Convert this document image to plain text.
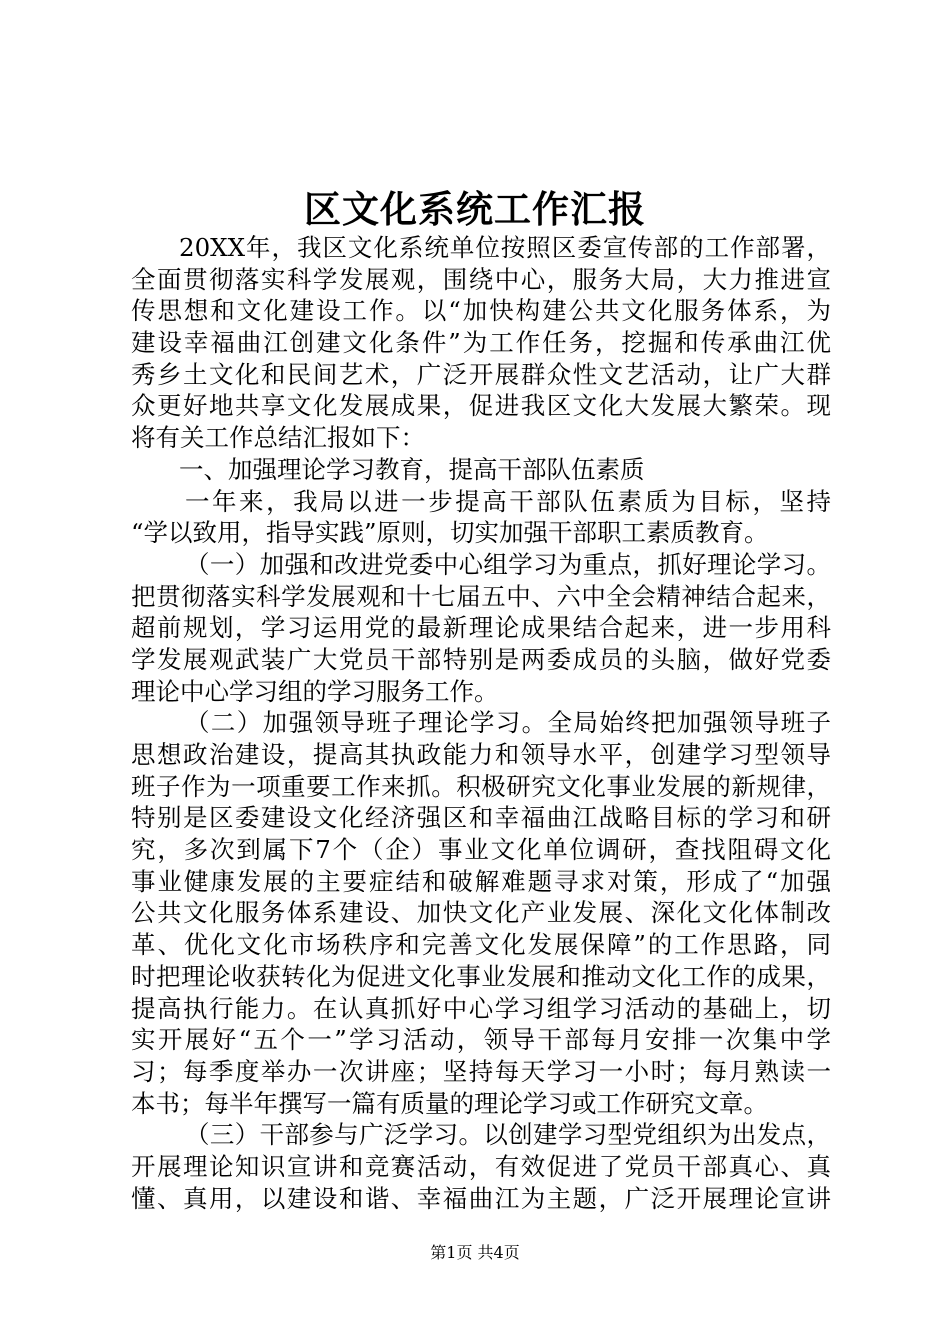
区文化系统工作汇报
20XX年，我区文化系统单位按照区委宣传部的工作部署，
全面贯彻落实科学发展观，围绕中心，服务大局，大力推进宣
传思想和文化建设工作。以“加快构建公共文化服务体系，为
建设幸福曲江创建文化条件”为工作任务，挖掘和传承曲江优
秀乡土文化和民间艺术，广泛开展群众性文艺活动，让广大群
众更好地共享文化发展成果，促进我区文化大发展大繁荣。现
将有关工作总结汇报如下：
一、加强理论学习教育，提高干部队伍素质
一年来，我局以进一步提高干部队伍素质为目标，坚持
“学以致用，指导实践”原则，切实加强干部职工素质教育。
（一）加强和改进党委中心组学习为重点，抓好理论学习。
把贯彻落实科学发展观和十七届五中、六中全会精神结合起来，
超前规划，学习运用党的最新理论成果结合起来，进一步用科
学发展观武装广大党员干部特别是两委成员的头脑，做好党委
理论中心学习组的学习服务工作。
（二）加强领导班子理论学习。全局始终把加强领导班子
思想政治建设，提高其执政能力和领导水平，创建学习型领导
班子作为一项重要工作来抓。积极研究文化事业发展的新规律，
特别是区委建设文化经济强区和幸福曲江战略目标的学习和研
究，多次到属下7个（企）事业文化单位调研，查找阻碍文化
事业健康发展的主要症结和破解难题寻求对策，形成了“加强
公共文化服务体系建设、加快文化产业发展、深化文化体制改
革、优化文化市场秩序和完善文化发展保障”的工作思路，同
时把理论收获转化为促进文化事业发展和推动文化工作的成果，
提高执行能力。在认真抓好中心学习组学习活动的基础上，切
实开展好“五个一”学习活动，领导干部每月安排一次集中学
习；每季度举办一次讲座；坚持每天学习一小时；每月熟读一
本书；每半年撰写一篇有质量的理论学习或工作研究文章。
（三）干部参与广泛学习。以创建学习型党组织为出发点，
开展理论知识宣讲和竞赛活动，有效促进了党员干部真心、真
懂、真用，以建设和谐、幸福曲江为主题，广泛开展理论宣讲
第1页 共4页
